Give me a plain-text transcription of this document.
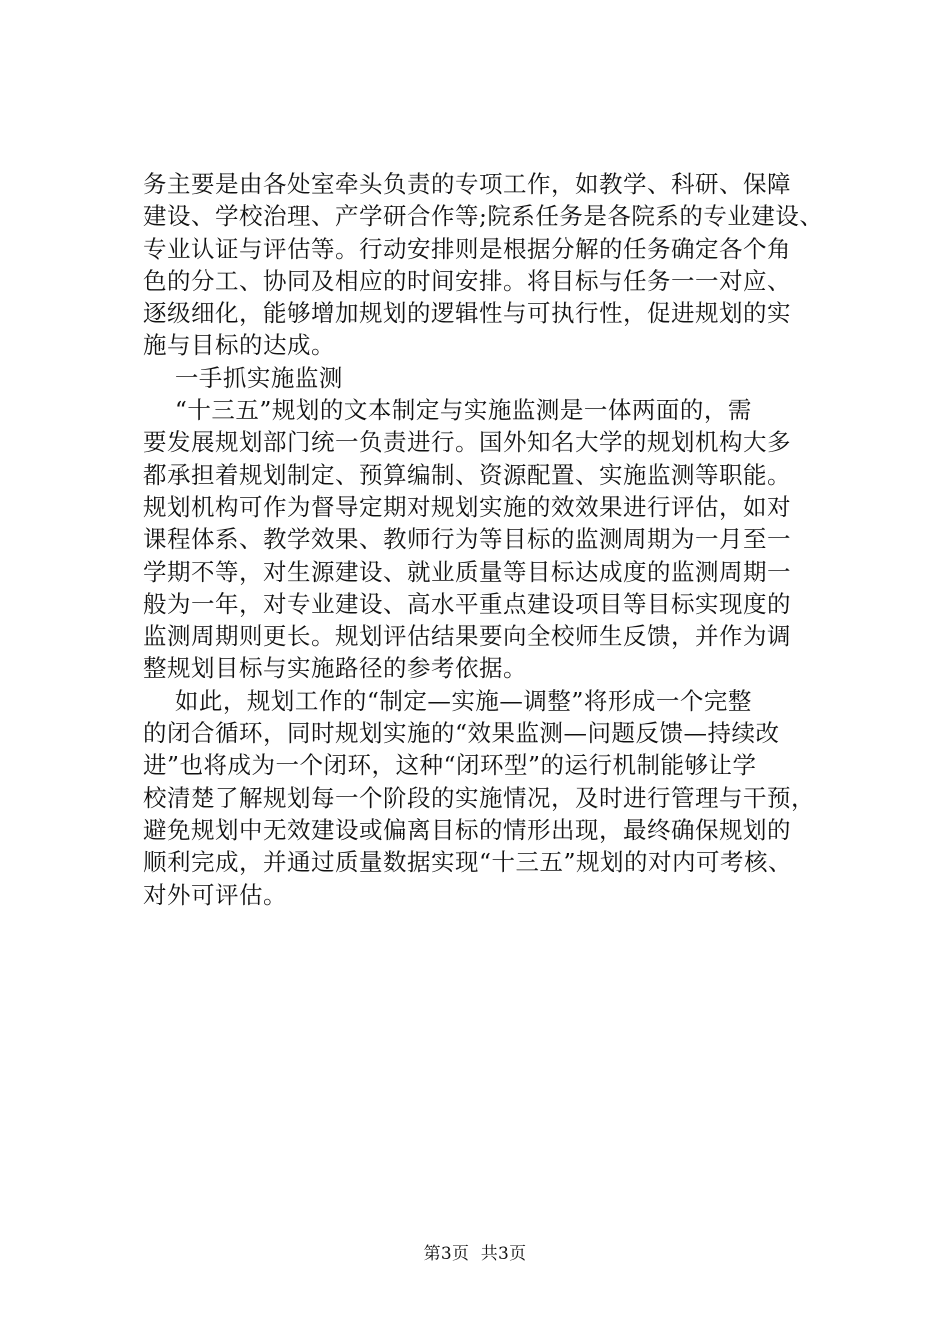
务主要是由各处室牵头负责的专项工作，如教学、科研、保障
建设、学校治理、产学研合作等;院系任务是各院系的专业建设、
专业认证与评估等。行动安排则是根据分解的任务确定各个角
色的分工、协同及相应的时间安排。将目标与任务一一对应、
逐级细化，能够增加规划的逻辑性与可执行性，促进规划的实
施与目标的达成。
一手抓实施监测
“十三五”规划的文本制定与实施监测是一体两面的，需
要发展规划部门统一负责进行。国外知名大学的规划机构大多
都承担着规划制定、预算编制、资源配置、实施监测等职能。
规划机构可作为督导定期对规划实施的效效果进行评估，如对
课程体系、教学效果、教师行为等目标的监测周期为一月至一
学期不等，对生源建设、就业质量等目标达成度的监测周期一
般为一年，对专业建设、高水平重点建设项目等目标实现度的
监测周期则更长。规划评估结果要向全校师生反馈，并作为调
整规划目标与实施路径的参考依据。
如此，规划工作的“制定—实施—调整”将形成一个完整
的闭合循环，同时规划实施的“效果监测—问题反馈—持续改
进”也将成为一个闭环，这种“闭环型”的运行机制能够让学
校清楚了解规划每一个阶段的实施情况，及时进行管理与干预，
避免规划中无效建设或偏离目标的情形出现，最终确保规划的
顺利完成，并通过质量数据实现“十三五”规划的对内可考核、
对外可评估。
第3页  共3页
